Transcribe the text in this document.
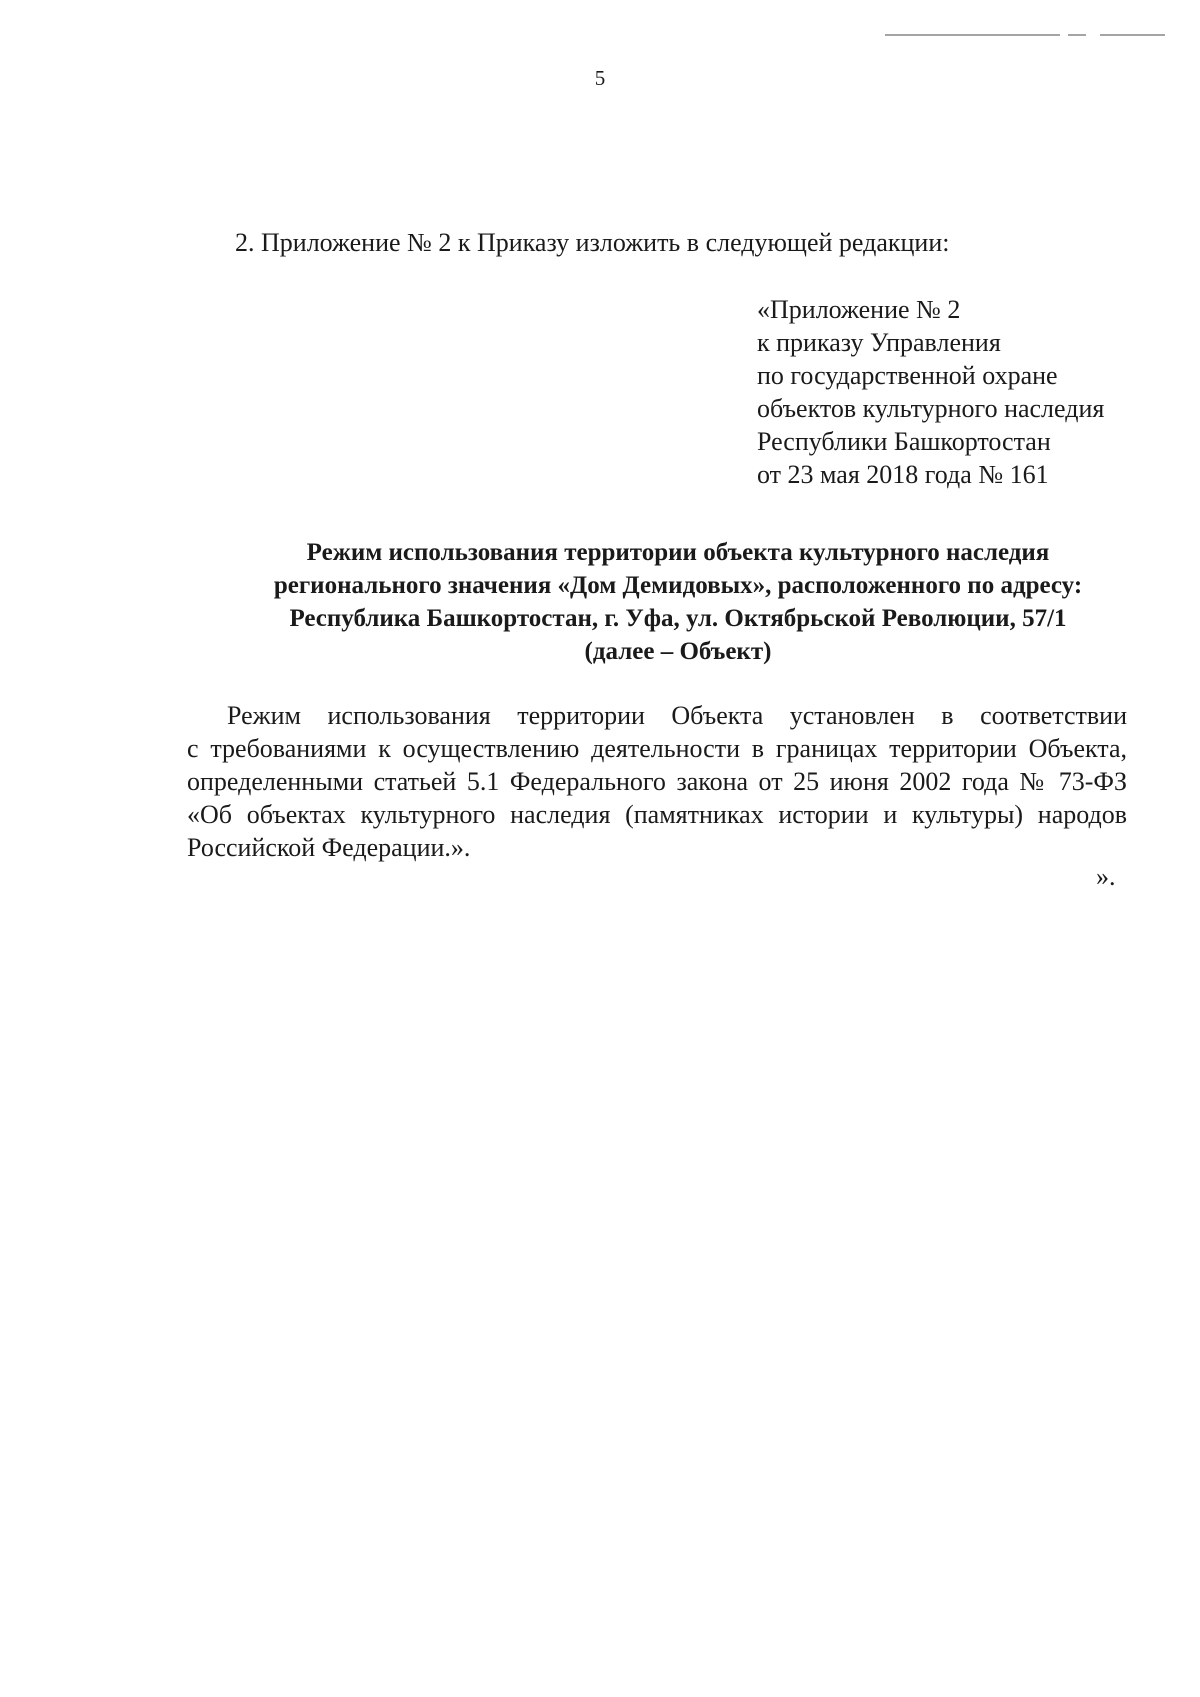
5
2. Приложение № 2 к Приказу изложить в следующей редакции:
«Приложение № 2
к приказу Управления
по государственной охране
объектов культурного наследия
Республики Башкортостан
от 23 мая 2018 года № 161
Режим использования территории объекта культурного наследия
регионального значения «Дом Демидовых», расположенного по адресу:
Республика Башкортостан, г. Уфа, ул. Октябрьской Революции, 57/1
(далее – Объект)
Режим использования территории Объекта установлен в соответствии
с требованиями к осуществлению деятельности в границах территории Объекта,
определенными статьей 5.1 Федерального закона от 25 июня 2002 года № 73-ФЗ
«Об объектах культурного наследия (памятниках истории и культуры) народов
Российской Федерации.».
».
